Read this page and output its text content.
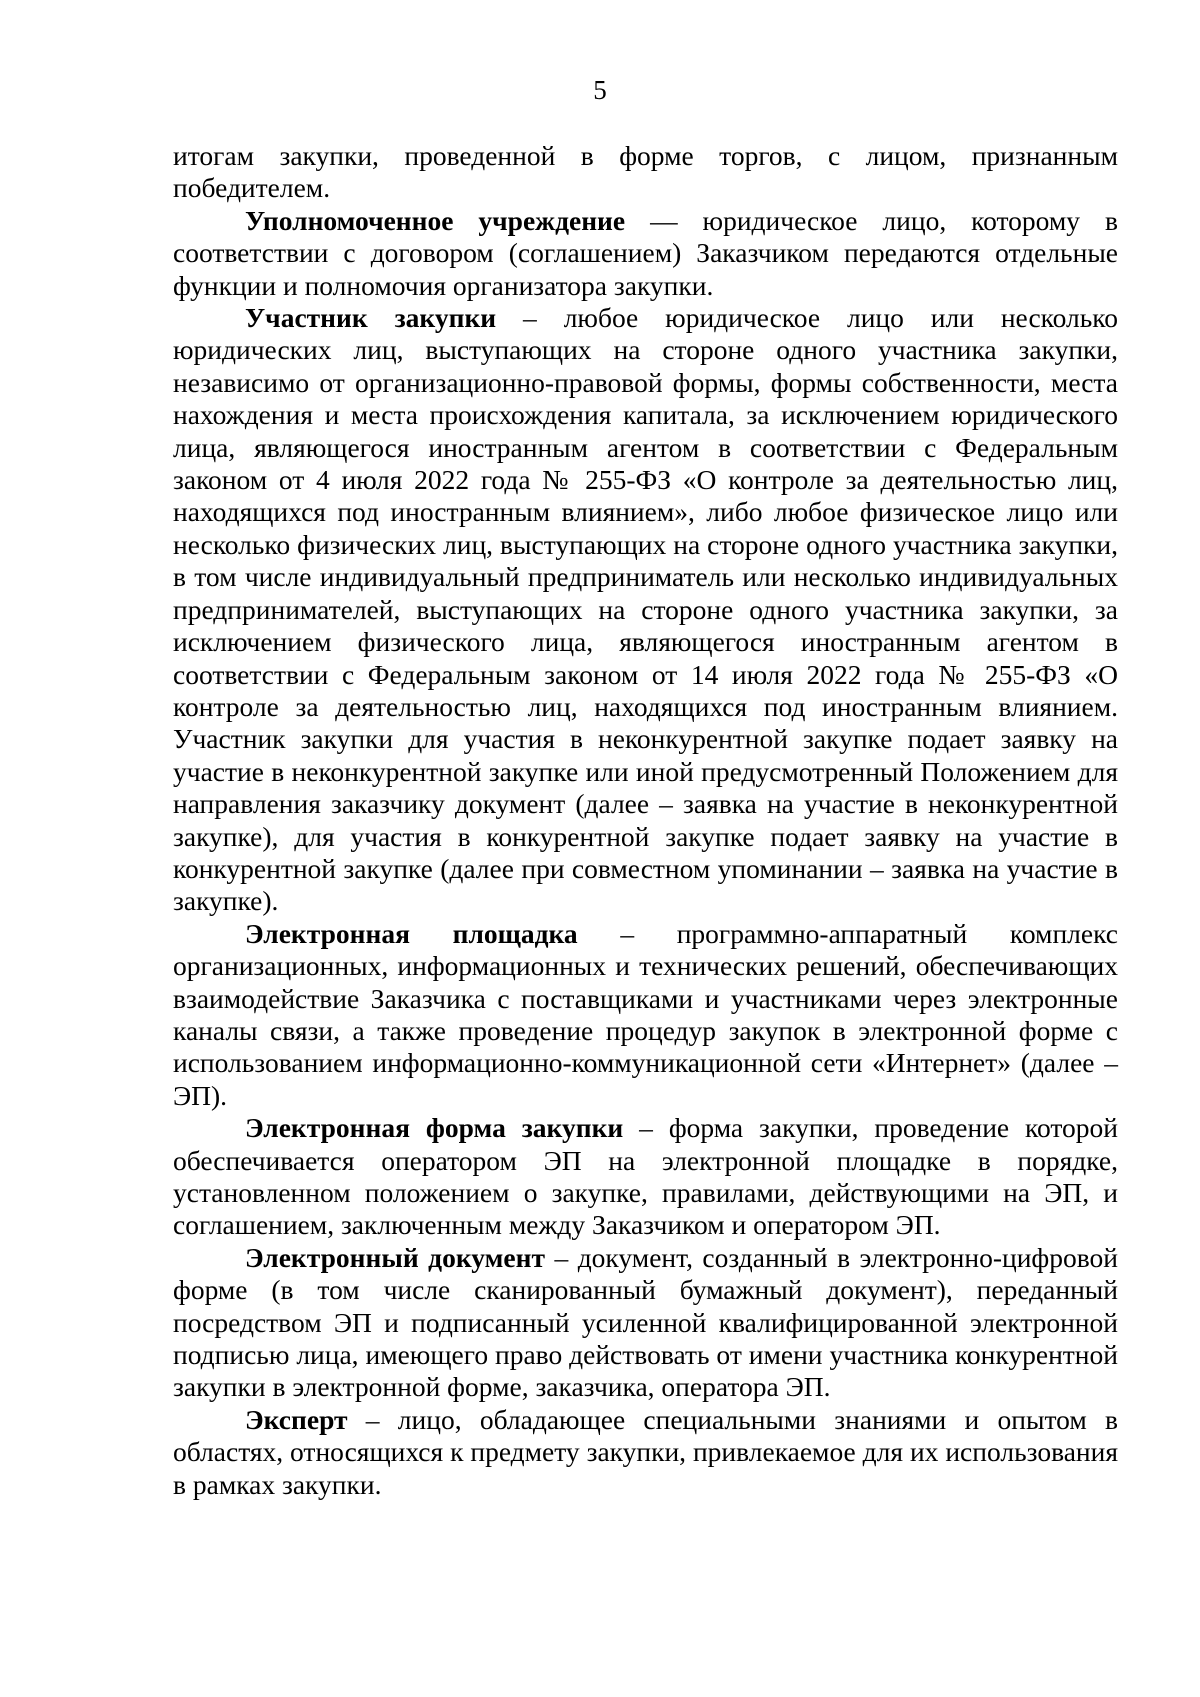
5

итогам закупки, проведенной в форме торгов, с лицом, признанным победителем.

Уполномоченное учреждение — юридическое лицо, которому в соответствии с договором (соглашением) Заказчиком передаются отдельные функции и полномочия организатора закупки.

Участник закупки – любое юридическое лицо или несколько юридических лиц, выступающих на стороне одного участника закупки, независимо от организационно-правовой формы, формы собственности, места нахождения и места происхождения капитала, за исключением юридического лица, являющегося иностранным агентом в соответствии с Федеральным законом от 4 июля 2022 года № 255-ФЗ «О контроле за деятельностью лиц, находящихся под иностранным влиянием», либо любое физическое лицо или несколько физических лиц, выступающих на стороне одного участника закупки, в том числе индивидуальный предприниматель или несколько индивидуальных предпринимателей, выступающих на стороне одного участника закупки, за исключением физического лица, являющегося иностранным агентом в соответствии с Федеральным законом от 14 июля 2022 года № 255-ФЗ «О контроле за деятельностью лиц, находящихся под иностранным влиянием. Участник закупки для участия в неконкурентной закупке подает заявку на участие в неконкурентной закупке или иной предусмотренный Положением для направления заказчику документ (далее – заявка на участие в неконкурентной закупке), для участия в конкурентной закупке подает заявку на участие в конкурентной закупке (далее при совместном упоминании – заявка на участие в закупке).

Электронная площадка – программно-аппаратный комплекс организационных, информационных и технических решений, обеспечивающих взаимодействие Заказчика с поставщиками и участниками через электронные каналы связи, а также проведение процедур закупок в электронной форме с использованием информационно-коммуникационной сети «Интернет» (далее – ЭП).

Электронная форма закупки – форма закупки, проведение которой обеспечивается оператором ЭП на электронной площадке в порядке, установленном положением о закупке, правилами, действующими на ЭП, и соглашением, заключенным между Заказчиком и оператором ЭП.

Электронный документ – документ, созданный в электронно-цифровой форме (в том числе сканированный бумажный документ), переданный посредством ЭП и подписанный усиленной квалифицированной электронной подписью лица, имеющего право действовать от имени участника конкурентной закупки в электронной форме, заказчика, оператора ЭП.

Эксперт – лицо, обладающее специальными знаниями и опытом в областях, относящихся к предмету закупки, привлекаемое для их использования в рамках закупки.
